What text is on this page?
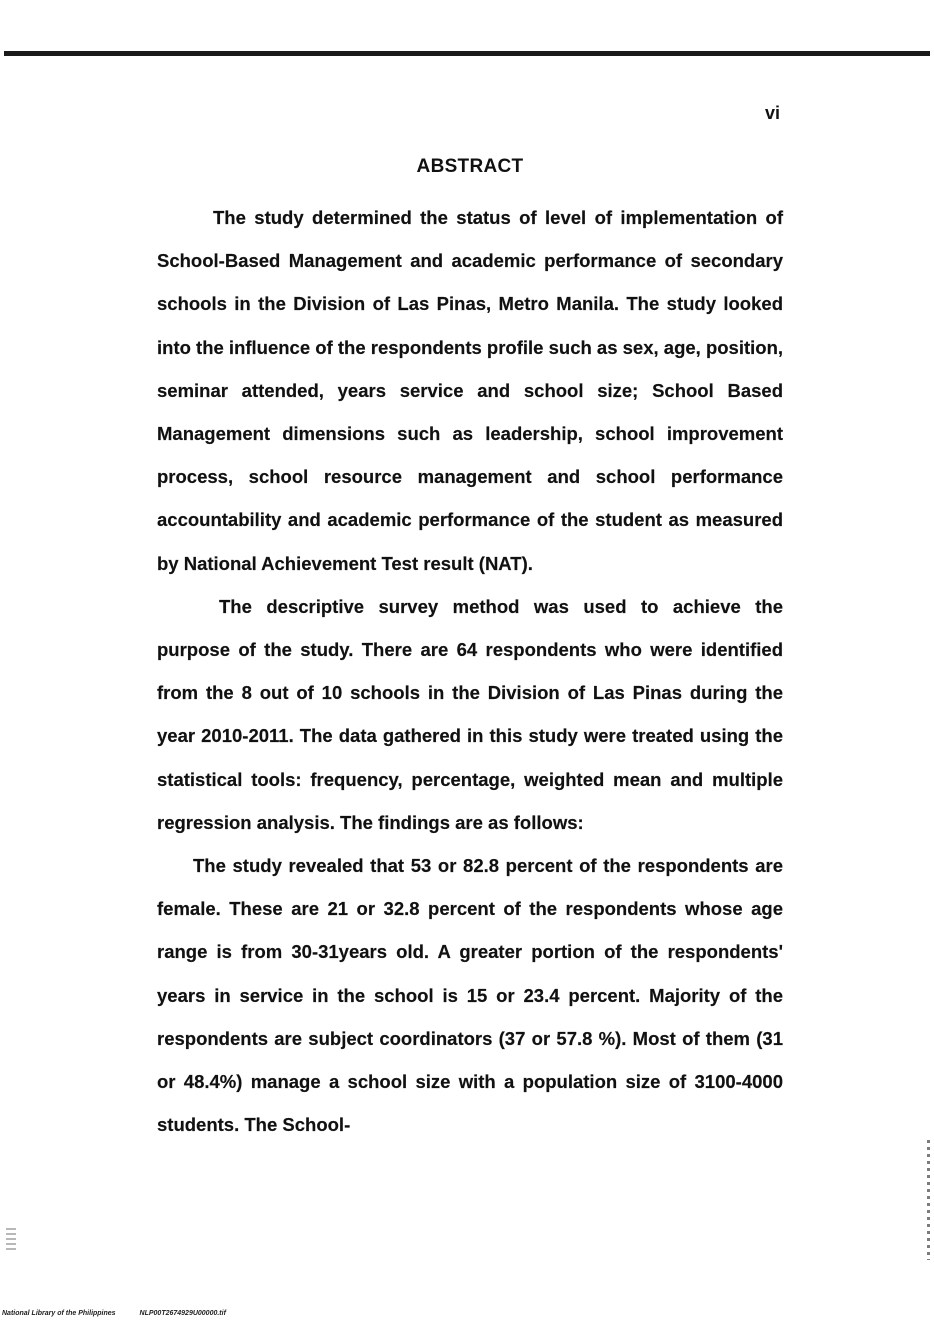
vi
ABSTRACT

The study determined the status of level of implementation of School-Based Management and academic performance of secondary schools in the Division of Las Pinas, Metro Manila. The study looked into the influence of the respondents profile such as sex, age, position, seminar attended, years service and school size; School Based Management dimensions such as leadership, school improvement process, school resource management and school performance accountability and academic performance of the student as measured by National Achievement Test result (NAT).

The descriptive survey method was used to achieve the purpose of the study. There are 64 respondents who were identified from the 8 out of 10 schools in the Division of Las Pinas during the year 2010-2011. The data gathered in this study were treated using the statistical tools: frequency, percentage, weighted mean and multiple regression analysis. The findings are as follows:

The study revealed that 53 or 82.8 percent of the respondents are female. These are 21 or 32.8 percent of the respondents whose age range is from 30-31years old. A greater portion of the respondents' years in service in the school is 15 or 23.4 percent. Majority of the respondents are subject coordinators (37 or 57.8 %). Most of them (31 or 48.4%) manage a school size with a population size of 3100-4000 students. The School-

National Library of the Philippines	NLP00T2674929U00000.tif
